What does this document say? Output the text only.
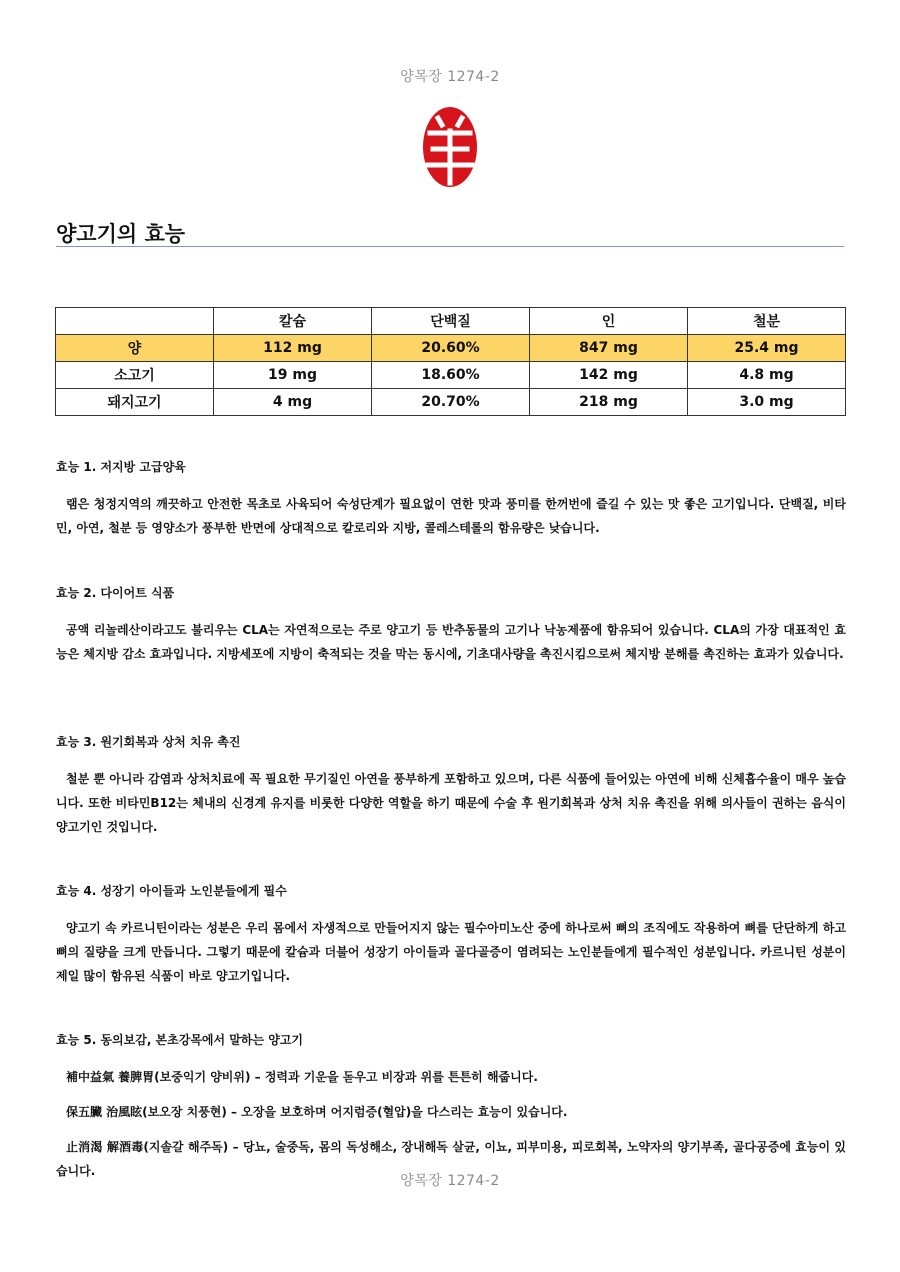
양목장 1274-2
양고기의 효능
	칼슘	단백질	인	철분
양	112 mg	20.60%	847 mg	25.4 mg
소고기	19 mg	18.60%	142 mg	4.8 mg
돼지고기	4 mg	20.70%	218 mg	3.0 mg
효능 1. 저지방 고급양육

램은 청정지역의 깨끗하고 안전한 목초로 사육되어 숙성단계가 필요없이 연한 맛과 풍미를 한꺼번에 즐길 수 있는 맛 좋은 고기입니다. 단백질, 비타민, 아연, 철분 등 영양소가 풍부한 반면에 상대적으로 칼로리와 지방, 콜레스테롤의 함유량은 낮습니다.

효능 2. 다이어트 식품

공액 리놀레산이라고도 불리우는 CLA는 자연적으로는 주로 양고기 등 반추동물의 고기나 낙농제품에 함유되어 있습니다. CLA의 가장 대표적인 효능은 체지방 감소 효과입니다. 지방세포에 지방이 축적되는 것을 막는 동시에, 기초대사량을 촉진시킴으로써 체지방 분해를 촉진하는 효과가 있습니다.

효능 3. 원기회복과 상처 치유 촉진

철분 뿐 아니라 감염과 상처치료에 꼭 필요한 무기질인 아연을 풍부하게 포함하고 있으며, 다른 식품에 들어있는 아연에 비해 신체흡수율이 매우 높습니다. 또한 비타민B12는 체내의 신경계 유지를 비롯한 다양한 역할을 하기 때문에 수술 후 원기회복과 상처 치유 촉진을 위해 의사들이 권하는 음식이 양고기인 것입니다.

효능 4. 성장기 아이들과 노인분들에게 필수

양고기 속 카르니틴이라는 성분은 우리 몸에서 자생적으로 만들어지지 않는 필수아미노산 중에 하나로써 뼈의 조직에도 작용하여 뼈를 단단하게 하고 뼈의 질량을 크게 만듭니다. 그렇기 때문에 칼슘과 더불어 성장기 아이들과 골다골증이 염려되는 노인분들에게 필수적인 성분입니다. 카르니틴 성분이 제일 많이 함유된 식품이 바로 양고기입니다.

효능 5. 동의보감, 본초강목에서 말하는 양고기

補中益氣 養脾胃(보중익기 양비위) – 정력과 기운을 돋우고 비장과 위를 튼튼히 해줍니다.

保五臟 治風眩(보오장 치풍현) – 오장을 보호하며 어지럼증(혈압)을 다스리는 효능이 있습니다.

止消渴 解酒毒(지솔갈 해주독) – 당뇨, 술중독, 몸의 독성해소, 장내해독 살균, 이뇨, 피부미용, 피로회복, 노약자의 양기부족, 골다공증에 효능이 있습니다.

양목장 1274-2
